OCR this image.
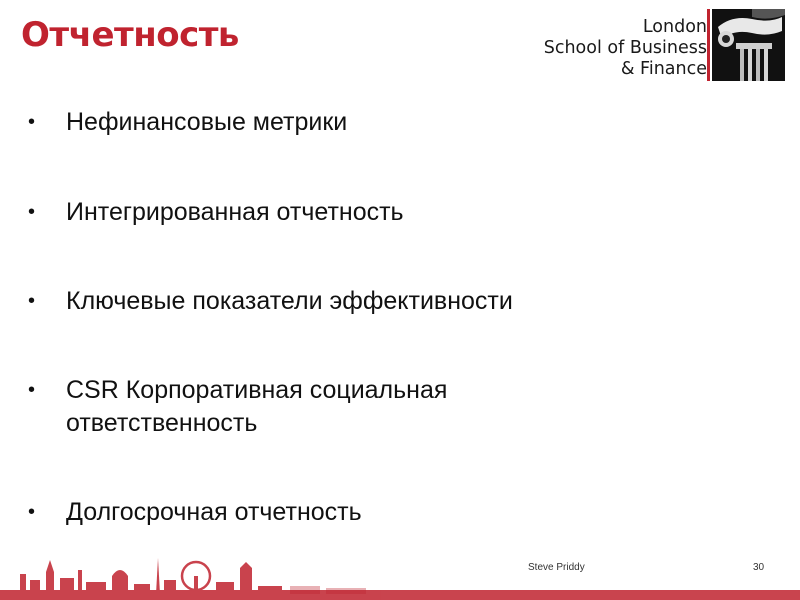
Отчетность	London
School of Business
& Finance
•	Нефинансовые метрики
•	Интегрированная отчетность
•	Ключевые показатели эффективности
•	CSR Корпоративная социальная ответственность
•	Долгосрочная отчетность
Steve Priddy	30
